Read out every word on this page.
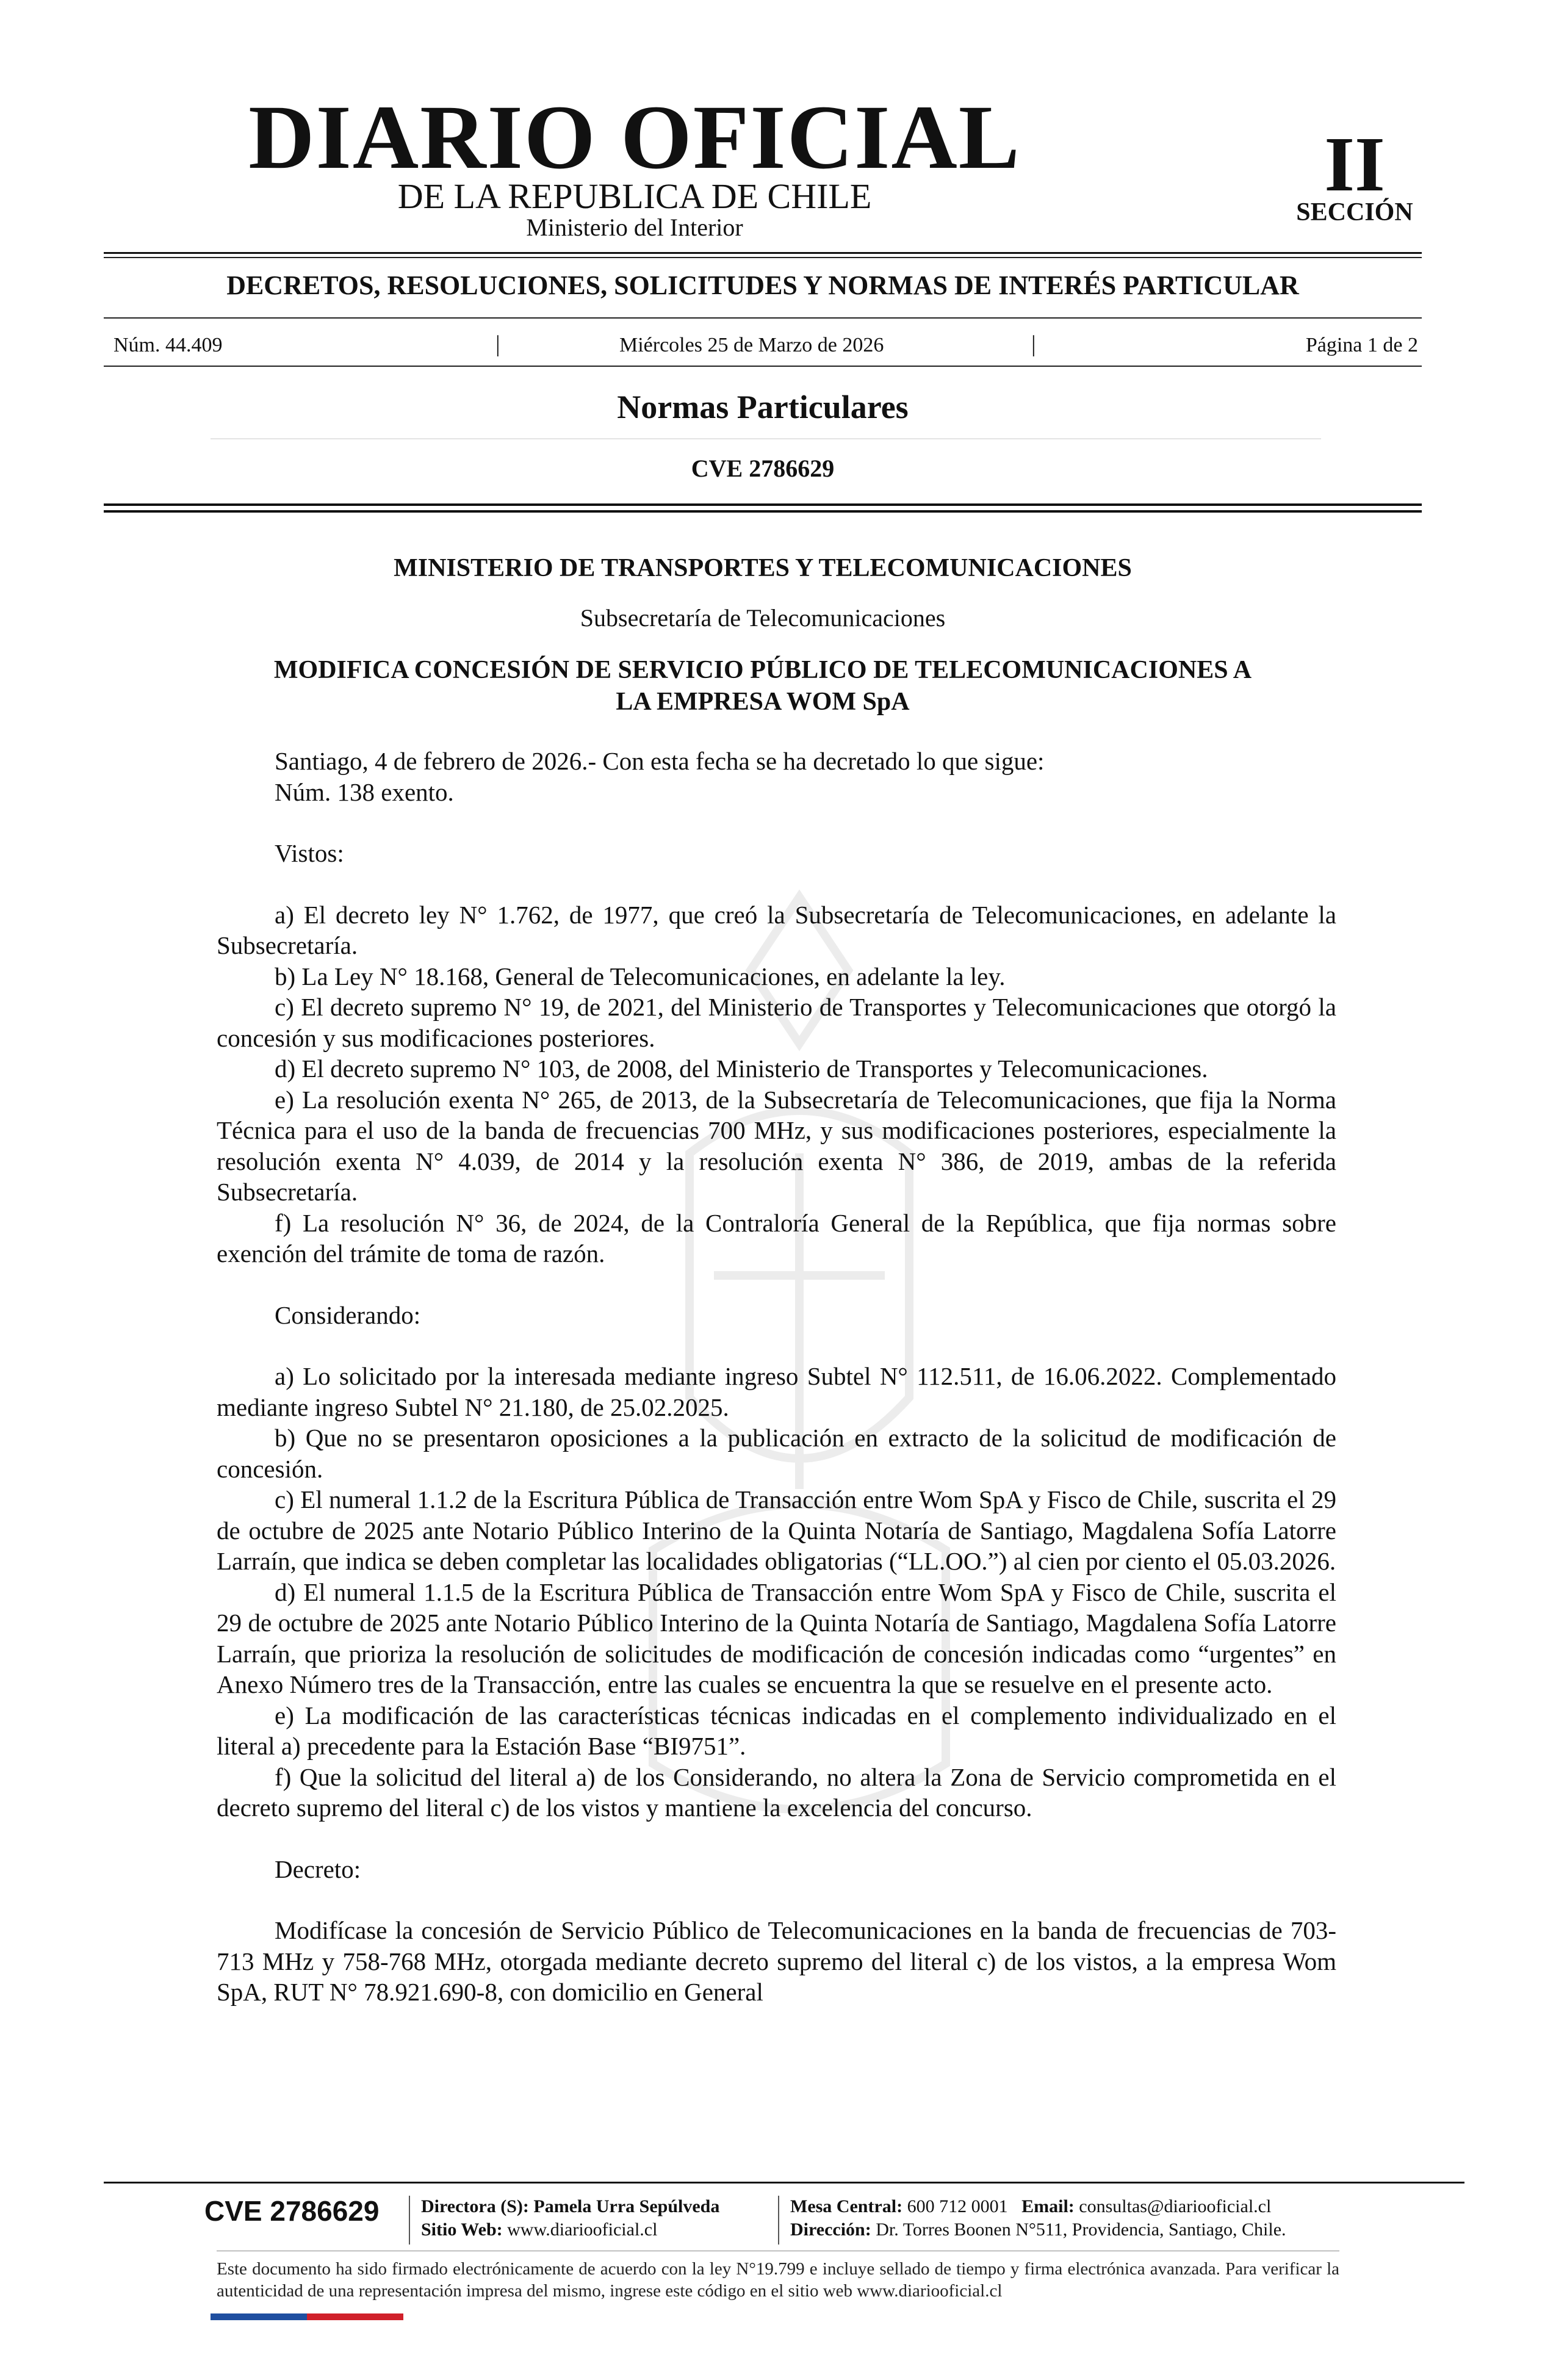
DIARIO OFICIAL
DE LA REPUBLICA DE CHILE
Ministerio del Interior
II
SECCIÓN
DECRETOS, RESOLUCIONES, SOLICITUDES Y NORMAS DE INTERÉS PARTICULAR
Núm. 44.409	|	Miércoles 25 de Marzo de 2026	|	Página 1 de 2
Normas Particulares
CVE 2786629
MINISTERIO DE TRANSPORTES Y TELECOMUNICACIONES
Subsecretaría de Telecomunicaciones
MODIFICA CONCESIÓN DE SERVICIO PÚBLICO DE TELECOMUNICACIONES A
LA EMPRESA WOM SpA

Santiago, 4 de febrero de 2026.- Con esta fecha se ha decretado lo que sigue:

Núm. 138 exento.

Vistos:

a) El decreto ley N° 1.762, de 1977, que creó la Subsecretaría de Telecomunicaciones, en adelante la Subsecretaría.

b) La Ley N° 18.168, General de Telecomunicaciones, en adelante la ley.

c) El decreto supremo N° 19, de 2021, del Ministerio de Transportes y Telecomunicaciones que otorgó la concesión y sus modificaciones posteriores.

d) El decreto supremo N° 103, de 2008, del Ministerio de Transportes y Telecomunicaciones.

e) La resolución exenta N° 265, de 2013, de la Subsecretaría de Telecomunicaciones, que fija la Norma Técnica para el uso de la banda de frecuencias 700 MHz, y sus modificaciones posteriores, especialmente la resolución exenta N° 4.039, de 2014 y la resolución exenta N° 386, de 2019, ambas de la referida Subsecretaría.

f) La resolución N° 36, de 2024, de la Contraloría General de la República, que fija normas sobre exención del trámite de toma de razón.

Considerando:

a) Lo solicitado por la interesada mediante ingreso Subtel N° 112.511, de 16.06.2022. Complementado mediante ingreso Subtel N° 21.180, de 25.02.2025.

b) Que no se presentaron oposiciones a la publicación en extracto de la solicitud de modificación de concesión.

c) El numeral 1.1.2 de la Escritura Pública de Transacción entre Wom SpA y Fisco de Chile, suscrita el 29 de octubre de 2025 ante Notario Público Interino de la Quinta Notaría de Santiago, Magdalena Sofía Latorre Larraín, que indica se deben completar las localidades obligatorias (“LL.OO.”) al cien por ciento el 05.03.2026.

d) El numeral 1.1.5 de la Escritura Pública de Transacción entre Wom SpA y Fisco de Chile, suscrita el 29 de octubre de 2025 ante Notario Público Interino de la Quinta Notaría de Santiago, Magdalena Sofía Latorre Larraín, que prioriza la resolución de solicitudes de modificación de concesión indicadas como “urgentes” en Anexo Número tres de la Transacción, entre las cuales se encuentra la que se resuelve en el presente acto.

e) La modificación de las características técnicas indicadas en el complemento individualizado en el literal a) precedente para la Estación Base “BI9751”.

f) Que la solicitud del literal a) de los Considerando, no altera la Zona de Servicio comprometida en el decreto supremo del literal c) de los vistos y mantiene la excelencia del concurso.

Decreto:

Modifícase la concesión de Servicio Público de Telecomunicaciones en la banda de frecuencias de 703-713 MHz y 758-768 MHz, otorgada mediante decreto supremo del literal c) de los vistos, a la empresa Wom SpA, RUT N° 78.921.690-8, con domicilio en General

CVE 2786629 Directora (S): Pamela Urra Sepúlveda
Sitio Web: www.diariooficial.cl
Mesa Central: 600 712 0001 Email: consultas@diariooficial.cl
Dirección: Dr. Torres Boonen N°511, Providencia, Santiago, Chile.
Este documento ha sido firmado electrónicamente de acuerdo con la ley N°19.799 e incluye sellado de tiempo y firma electrónica avanzada. Para verificar la autenticidad de una representación impresa del mismo, ingrese este código en el sitio web www.diariooficial.cl
